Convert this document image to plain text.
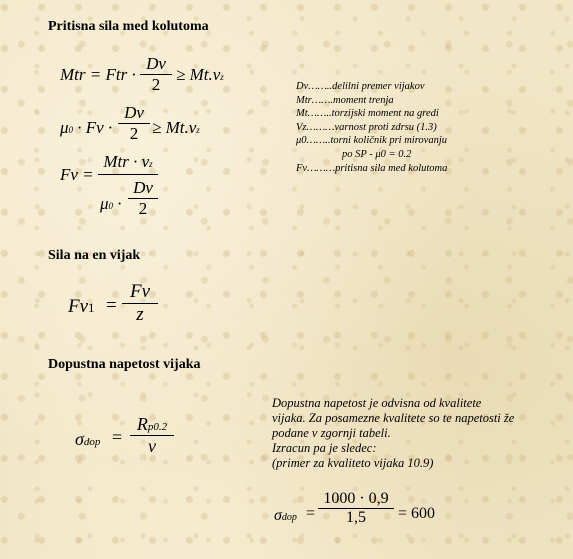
Pritisna sila med kolutoma
Mtr = Ftr ·
Dv
2
≥ Mt.νz
μ0 · Fv ·
Dv
2 ≥ Mt.νz
Fv =
Mtr · νz
μ0 ·
Dv
2
Dv……..delilni premer vijakov
Mtr…….moment trenja
Mt……..torzijski moment na gredi
Vz………varnost proti zdrsu (1.3)
μ0……..torni količnik pri mirovanju
po SP - μ0 = 0.2
Fv………pritisna sila med kolutoma
Sila na en vijak
Fv1 =
Fv
z
Dopustna napetost vijaka
σdop =
Rp0.2
ν
Dopustna napetost je odvisna od kvalitete
vijaka. Za posamezne kvalitete so te napetosti že
podane v zgornji tabeli.
Izracun pa je sledec:
(primer za kvaliteto vijaka 10.9)
σdop =
1000 · 0,9
1,5	= 600
